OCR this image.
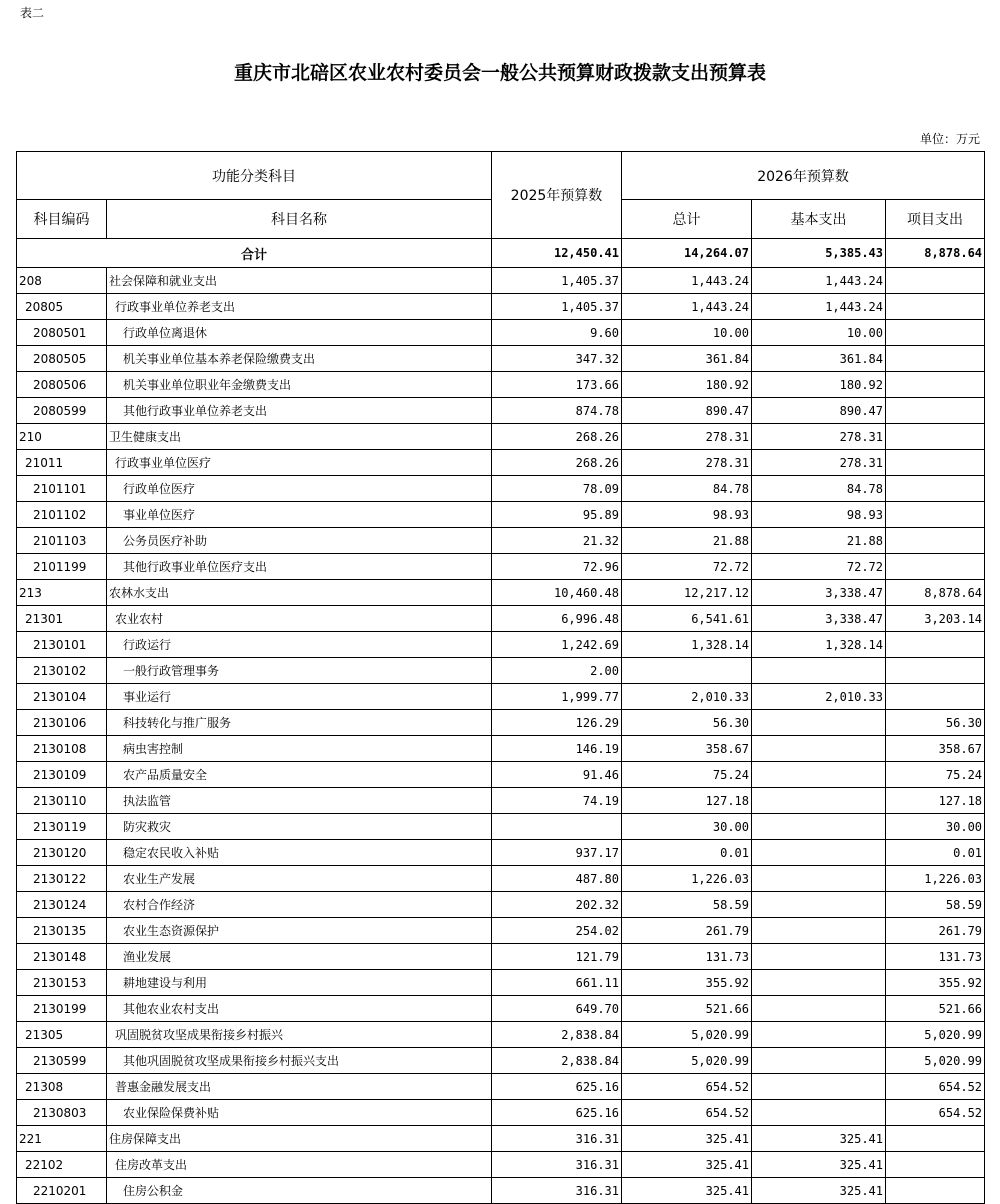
表二
重庆市北碚区农业农村委员会一般公共预算财政拨款支出预算表
单位：万元
功能分类科目		2025年预算数	2026年预算数		
科目编码	科目名称		总计	基本支出	项目支出
合计		12,450.41	14,264.07	5,385.43	8,878.64
208	社会保障和就业支出	1,405.37	1,443.24	1,443.24	
20805	行政事业单位养老支出	1,405.37	1,443.24	1,443.24	
2080501	行政单位离退休	9.60	10.00	10.00	
2080505	机关事业单位基本养老保险缴费支出	347.32	361.84	361.84	
2080506	机关事业单位职业年金缴费支出	173.66	180.92	180.92	
2080599	其他行政事业单位养老支出	874.78	890.47	890.47	
210	卫生健康支出	268.26	278.31	278.31	
21011	行政事业单位医疗	268.26	278.31	278.31	
2101101	行政单位医疗	78.09	84.78	84.78	
2101102	事业单位医疗	95.89	98.93	98.93	
2101103	公务员医疗补助	21.32	21.88	21.88	
2101199	其他行政事业单位医疗支出	72.96	72.72	72.72	
213	农林水支出	10,460.48	12,217.12	3,338.47	8,878.64
21301	农业农村	6,996.48	6,541.61	3,338.47	3,203.14
2130101	行政运行	1,242.69	1,328.14	1,328.14	
2130102	一般行政管理事务	2.00			
2130104	事业运行	1,999.77	2,010.33	2,010.33	
2130106	科技转化与推广服务	126.29	56.30		56.30
2130108	病虫害控制	146.19	358.67		358.67
2130109	农产品质量安全	91.46	75.24		75.24
2130110	执法监管	74.19	127.18		127.18
2130119	防灾救灾		30.00		30.00
2130120	稳定农民收入补贴	937.17	0.01		0.01
2130122	农业生产发展	487.80	1,226.03		1,226.03
2130124	农村合作经济	202.32	58.59		58.59
2130135	农业生态资源保护	254.02	261.79		261.79
2130148	渔业发展	121.79	131.73		131.73
2130153	耕地建设与利用	661.11	355.92		355.92
2130199	其他农业农村支出	649.70	521.66		521.66
21305	巩固脱贫攻坚成果衔接乡村振兴	2,838.84	5,020.99		5,020.99
2130599	其他巩固脱贫攻坚成果衔接乡村振兴支出	2,838.84	5,020.99		5,020.99
21308	普惠金融发展支出	625.16	654.52		654.52
2130803	农业保险保费补贴	625.16	654.52		654.52
221	住房保障支出	316.31	325.41	325.41	
22102	住房改革支出	316.31	325.41	325.41	
2210201	住房公积金	316.31	325.41	325.41	
